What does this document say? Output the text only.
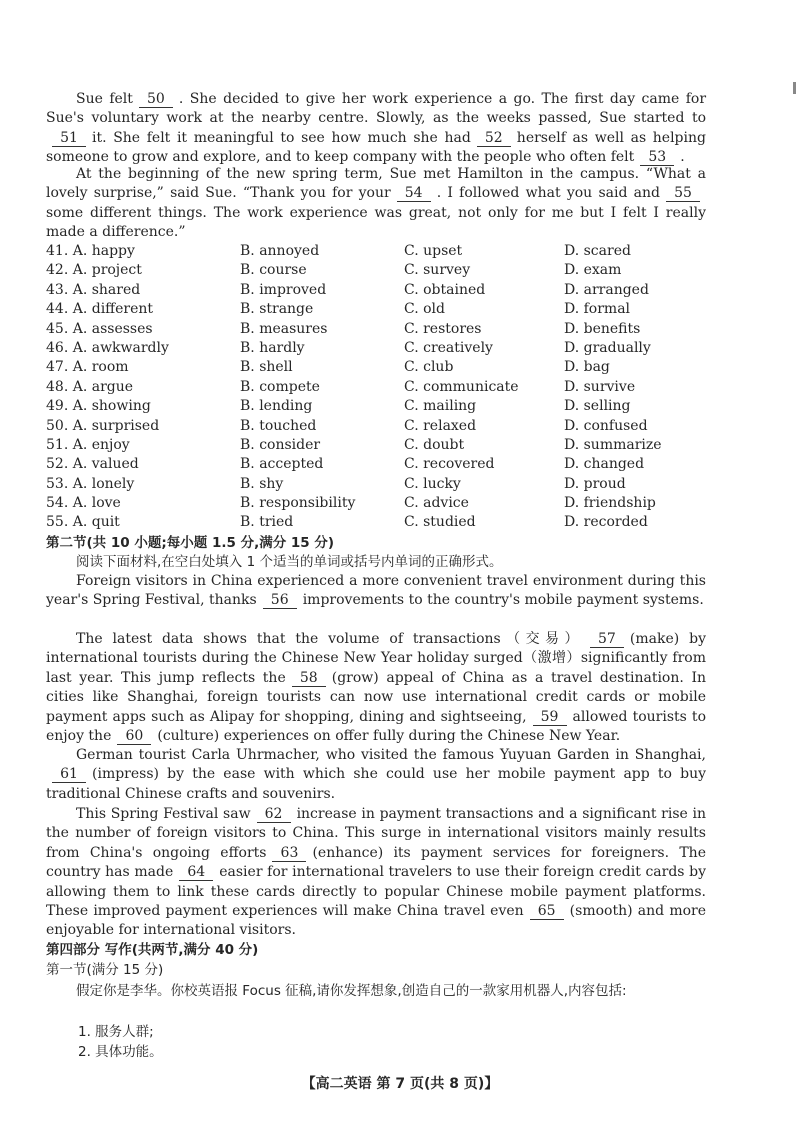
Sue felt 50 . She decided to give her work experience a go. The first day came for Sue's voluntary work at the nearby centre. Slowly, as the weeks passed, Sue started to51 it. She felt it meaningful to see how much she had 52 herself as well as helping someone to grow and explore, and to keep company with the people who often felt 53 .
At the beginning of the new spring term, Sue met Hamilton in the campus. “What a lovely surprise,” said Sue. “Thank you for your 54 . I followed what you said and 55some different things. The work experience was great, not only for me but I felt I really made a difference.”
41. A. happy	B. annoyed	C. upset	D. scared
42. A. project	B. course	C. survey	D. exam
43. A. shared	B. improved	C. obtained	D. arranged
44. A. different	B. strange	C. old	D. formal
45. A. assesses	B. measures	C. restores	D. benefits
46. A. awkwardly	B. hardly	C. creatively	D. gradually
47. A. room	B. shell	C. club	D. bag
48. A. argue	B. compete	C. communicate	D. survive
49. A. showing	B. lending	C. mailing	D. selling
50. A. surprised	B. touched	C. relaxed	D. confused
51. A. enjoy	B. consider	C. doubt	D. summarize
52. A. valued	B. accepted	C. recovered	D. changed
53. A. lonely	B. shy	C. lucky	D. proud
54. A. love	B. responsibility	C. advice	D. friendship
55. A. quit	B. tried	C. studied	D. recorded
第二节(共 10 小题;每小题 1.5 分,满分 15 分)
阅读下面材料,在空白处填入 1 个适当的单词或括号内单词的正确形式。
Foreign visitors in China experienced a more convenient travel environment during this year's Spring Festival, thanks 56 improvements to the country's mobile payment systems.
The latest data shows that the volume of transactions（交易） 57 (make) by international tourists during the Chinese New Year holiday surged（激增）significantly from last year. This jump reflects the 58 (grow) appeal of China as a travel destination. In cities like Shanghai, foreign tourists can now use international credit cards or mobile payment apps such as Alipay for shopping, dining and sightseeing, 59 allowed tourists to enjoy the 60 (culture) experiences on offer fully during the Chinese New Year.
German tourist Carla Uhrmacher, who visited the famous Yuyuan Garden in Shanghai,61 (impress) by the ease with which she could use her mobile payment app to buy traditional Chinese crafts and souvenirs.
This Spring Festival saw 62 increase in payment transactions and a significant rise in the number of foreign visitors to China. This surge in international visitors mainly results from China's ongoing efforts 63 (enhance) its payment services for foreigners. The country has made 64 easier for international travelers to use their foreign credit cards by allowing them to link these cards directly to popular Chinese mobile payment platforms. These improved payment experiences will make China travel even 65 (smooth) and more enjoyable for international visitors.
第四部分 写作(共两节,满分 40 分)
第一节(满分 15 分)
假定你是李华。你校英语报 Focus 征稿,请你发挥想象,创造自己的一款家用机器人,内容包括:
1. 服务人群;
2. 具体功能。
【高二英语 第 7 页(共 8 页)】
